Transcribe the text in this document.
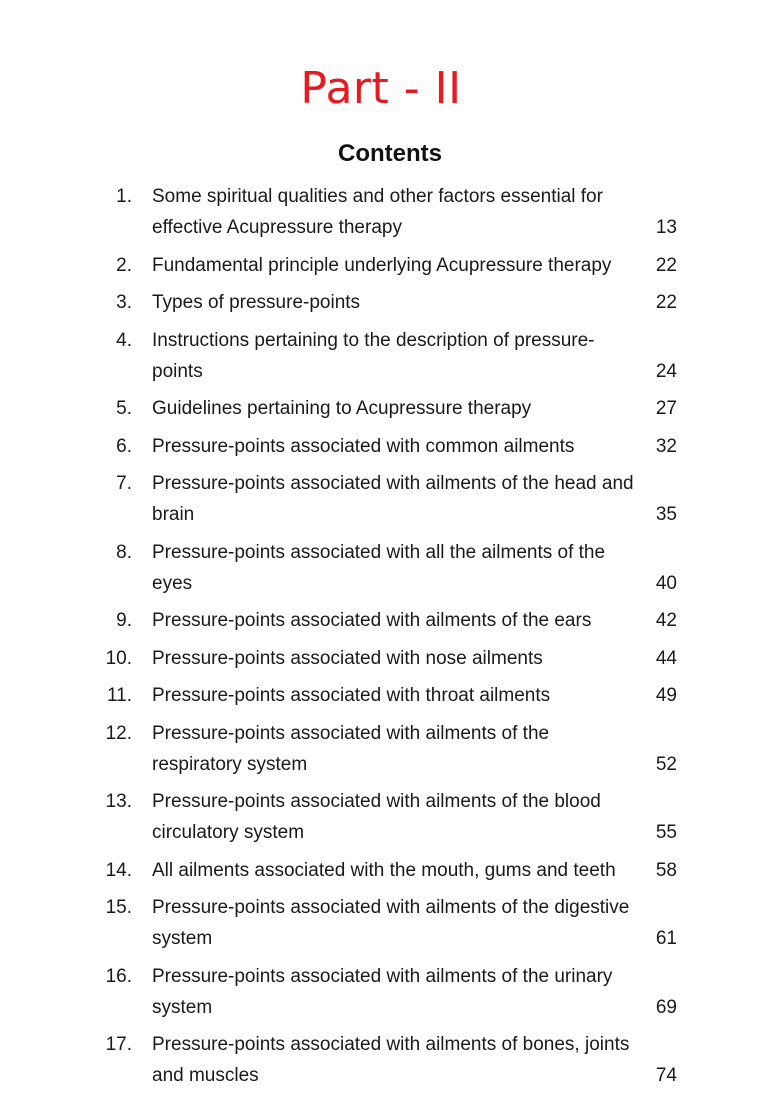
Part - II
Contents
1. Some spiritual qualities and other factors essential for effective Acupressure therapy	13
2. Fundamental principle underlying Acupressure therapy	22
3. Types of pressure-points	22
4. Instructions pertaining to the description of pressure-points	24
5. Guidelines pertaining to Acupressure therapy	27
6. Pressure-points associated with common ailments	32
7. Pressure-points associated with ailments of the head and brain	35
8. Pressure-points associated with all the ailments of the eyes	40
9. Pressure-points associated with ailments of the ears	42
10. Pressure-points associated with nose ailments	44
11. Pressure-points associated with throat ailments	49
12. Pressure-points associated with ailments of the respiratory system	52
13. Pressure-points associated with ailments of the blood circulatory system	55
14. All ailments associated with the mouth, gums and teeth	58
15. Pressure-points associated with ailments of the digestive system	61
16. Pressure-points associated with ailments of the urinary system	69
17. Pressure-points associated with ailments of bones, joints and muscles	74
